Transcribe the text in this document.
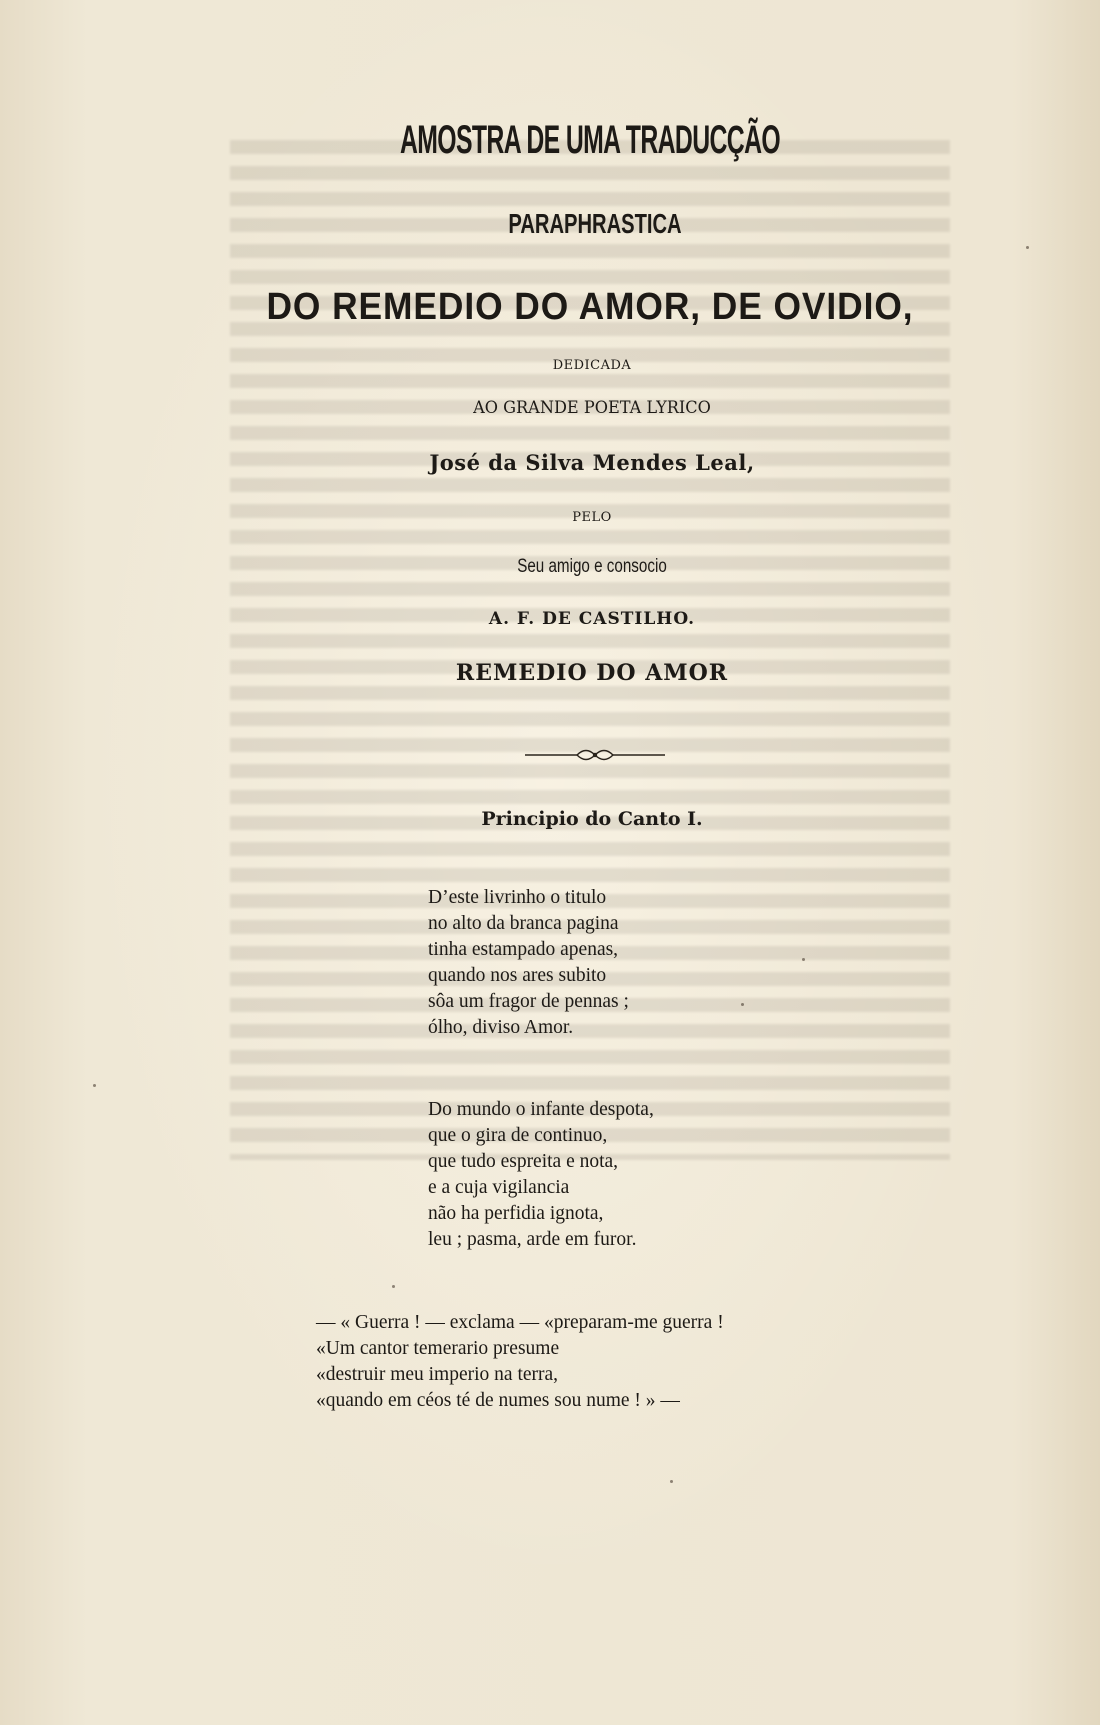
AMOSTRA DE UMA TRADUCÇÃO
PARAPHRASTICA
DO REMEDIO DO AMOR, DE OVIDIO,
DEDICADA
AO GRANDE POETA LYRICO
José da Silva Mendes Leal,
PELO
Seu amigo e consocio
A. F. DE CASTILHO.
REMEDIO DO AMOR
Principio do Canto I.
D’este livrinho o titulo
no alto da branca pagina
tinha estampado apenas,
quando nos ares subito
sôa um fragor de pennas ;
ólho, diviso Amor.
Do mundo o infante despota,
que o gira de continuo,
que tudo espreita e nota,
e a cuja vigilancia
não ha perfidia ignota,
leu ; pasma, arde em furor.
— « Guerra ! — exclama — «preparam-me guerra !
«Um cantor temerario presume
«destruir meu imperio na terra,
«quando em céos té de numes sou nume ! » —
